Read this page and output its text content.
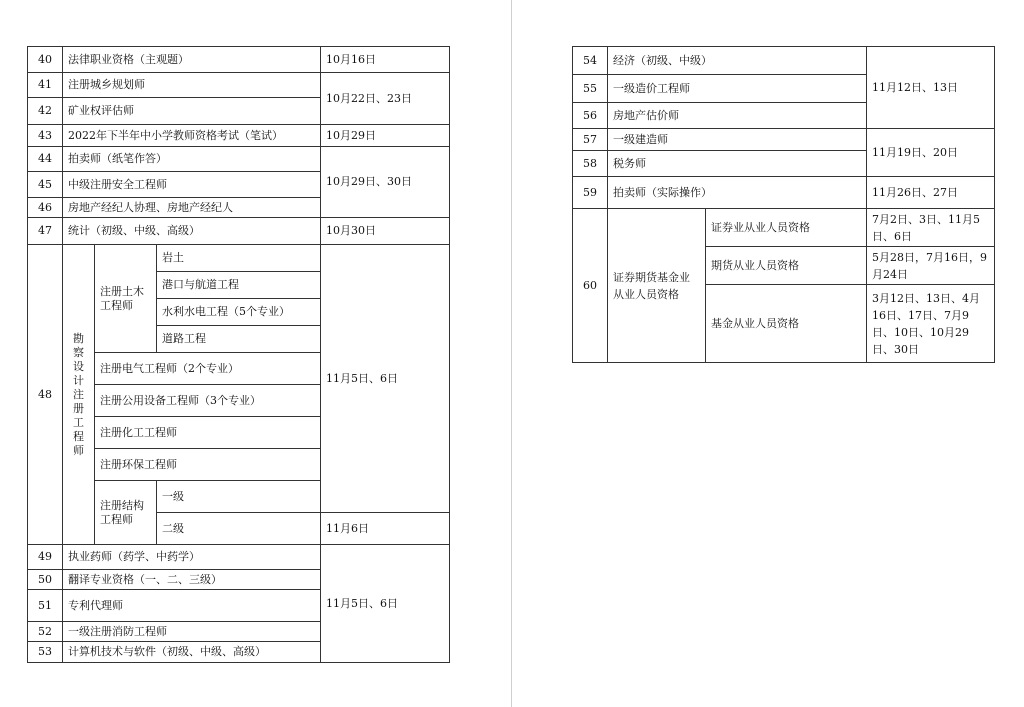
40	法律职业资格（主观题）			10月16日
41	注册城乡规划师			10月22日、23日
42	矿业权评估师			
43	2022年下半年中小学教师资格考试（笔试）			10月29日
44	拍卖师（纸笔作答）			10月29日、30日
45	中级注册安全工程师			
46	房地产经纪人协理、房地产经纪人			
47	统计（初级、中级、高级）			10月30日
48	勘察设计注册工程师	注册土木工程师	岩土	11月5日、6日
			港口与航道工程	
			水利水电工程（5个专业）	
			道路工程	
		注册电气工程师（2个专业）		
		注册公用设备工程师（3个专业）		
		注册化工工程师		
		注册环保工程师		
		注册结构工程师	一级	
			二级	11月6日
49	执业药师（药学、中药学）			11月5日、6日
50	翻译专业资格（一、二、三级）			
51	专利代理师			
52	一级注册消防工程师			
53	计算机技术与软件（初级、中级、高级）			
54	经济（初级、中级）		11月12日、13日
55	一级造价工程师		
56	房地产估价师		
57	一级建造师		11月19日、20日
58	税务师		
59	拍卖师（实际操作）		11月26日、27日
60	证券期货基金业从业人员资格	证券业从业人员资格	7月2日、3日、11月5日、6日
		期货从业人员资格	5月28日，7月16日，9月24日
		基金从业人员资格	3月12日、13日、4月16日、17日、7月9日、10日、10月29日、30日
